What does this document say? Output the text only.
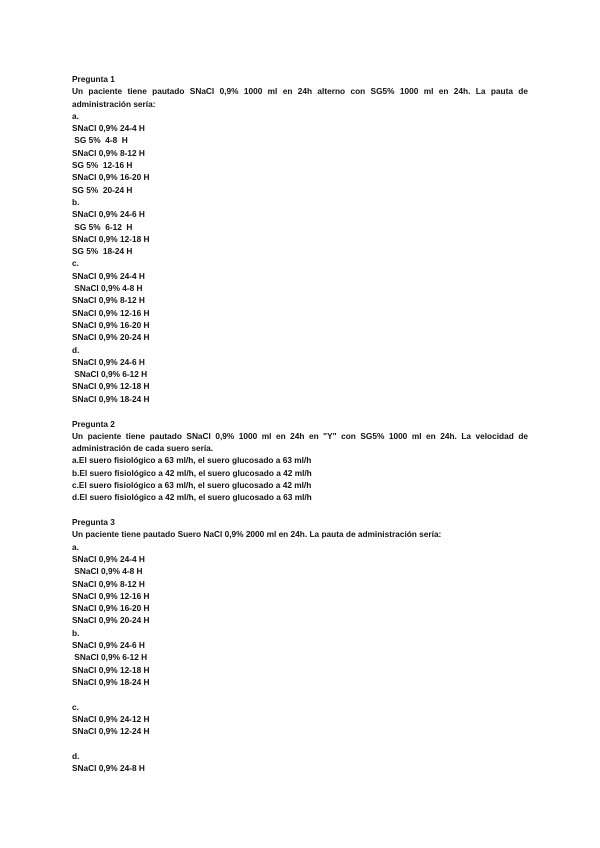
Pregunta 1

Un paciente tiene pautado SNaCl 0,9% 1000 ml en 24h alterno con SG5% 1000 ml en 24h. La pauta de administración sería:

a.

SNaCl 0,9% 24-4 H

SG 5%  4-8  H

SNaCl 0,9% 8-12 H

SG 5%  12-16 H

SNaCl 0,9% 16-20 H

SG 5%  20-24 H

b.

SNaCl 0,9% 24-6 H

SG 5%  6-12  H

SNaCl 0,9% 12-18 H

SG 5%  18-24 H

c.

SNaCl 0,9% 24-4 H

SNaCl 0,9% 4-8 H

SNaCl 0,9% 8-12 H

SNaCl 0,9% 12-16 H

SNaCl 0,9% 16-20 H

SNaCl 0,9% 20-24 H

d.

SNaCl 0,9% 24-6 H

SNaCl 0,9% 6-12 H

SNaCl 0,9% 12-18 H

SNaCl 0,9% 18-24 H

Pregunta 2

Un paciente tiene pautado SNaCl 0,9% 1000 ml en 24h en "Y" con SG5% 1000 ml en 24h. La velocidad de administración de cada suero sería.

a.El suero fisiológico a 63 ml/h, el suero glucosado a 63 ml/h

b.El suero fisiológico a 42 ml/h, el suero glucosado a 42 ml/h

c.El suero fisiológico a 63 ml/h, el suero glucosado a 42 ml/h

d.El suero fisiológico a 42 ml/h, el suero glucosado a 63 ml/h

Pregunta 3

Un paciente tiene pautado Suero NaCl 0,9% 2000 ml en 24h. La pauta de administración sería:

a.

SNaCl 0,9% 24-4 H

SNaCl 0,9% 4-8 H

SNaCl 0,9% 8-12 H

SNaCl 0,9% 12-16 H

SNaCl 0,9% 16-20 H

SNaCl 0,9% 20-24 H

b.

SNaCl 0,9% 24-6 H

SNaCl 0,9% 6-12 H

SNaCl 0,9% 12-18 H

SNaCl 0,9% 18-24 H

c.

SNaCl 0,9% 24-12 H

SNaCl 0,9% 12-24 H

d.

SNaCl 0,9% 24-8 H
